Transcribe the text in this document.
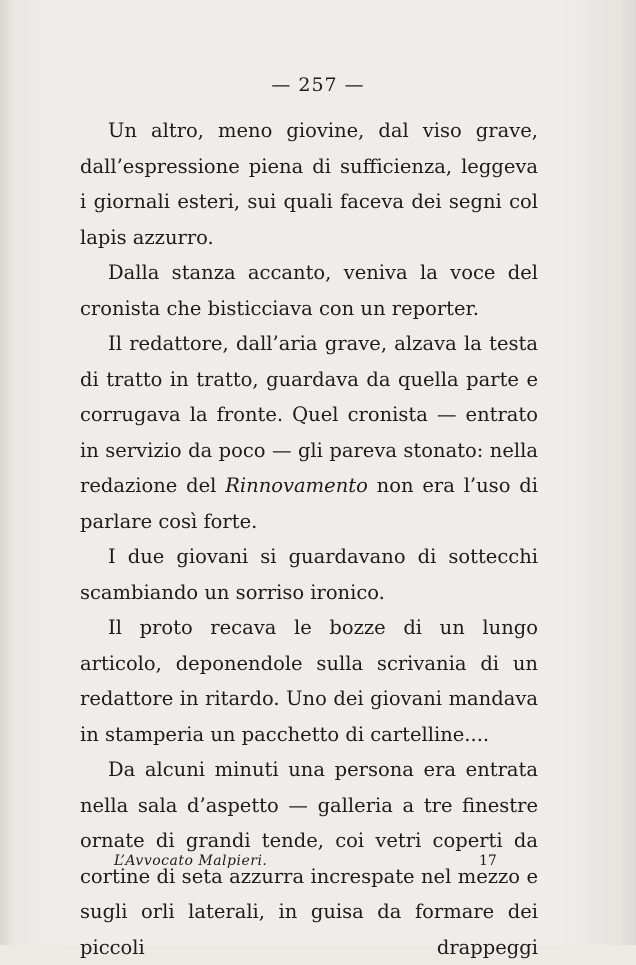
— 257 —

Un altro, meno giovine, dal viso grave, dall’espressione piena di sufficienza, leggeva i giornali esteri, sui quali faceva dei segni col lapis azzurro.

Dalla stanza accanto, veniva la voce del cronista che bisticciava con un reporter.

Il redattore, dall’aria grave, alzava la testa di tratto in tratto, guardava da quella parte e corrugava la fronte. Quel cronista — entrato in servizio da poco — gli pareva stonato: nella redazione del Rinnovamento non era l’uso di parlare così forte.

I due giovani si guardavano di sottecchi scambiando un sorriso ironico.

Il proto recava le bozze di un lungo articolo, deponendole sulla scrivania di un redattore in ritardo. Uno dei giovani mandava in stamperia un pacchetto di cartelline....

Da alcuni minuti una persona era entrata nella sala d’aspetto — galleria a tre finestre ornate di grandi tende, coi vetri coperti da cortine di seta azzurra increspate nel mezzo e sugli orli laterali, in guisa da formare dei piccoli drappeggi

L’Avvocato Malpieri.	17
